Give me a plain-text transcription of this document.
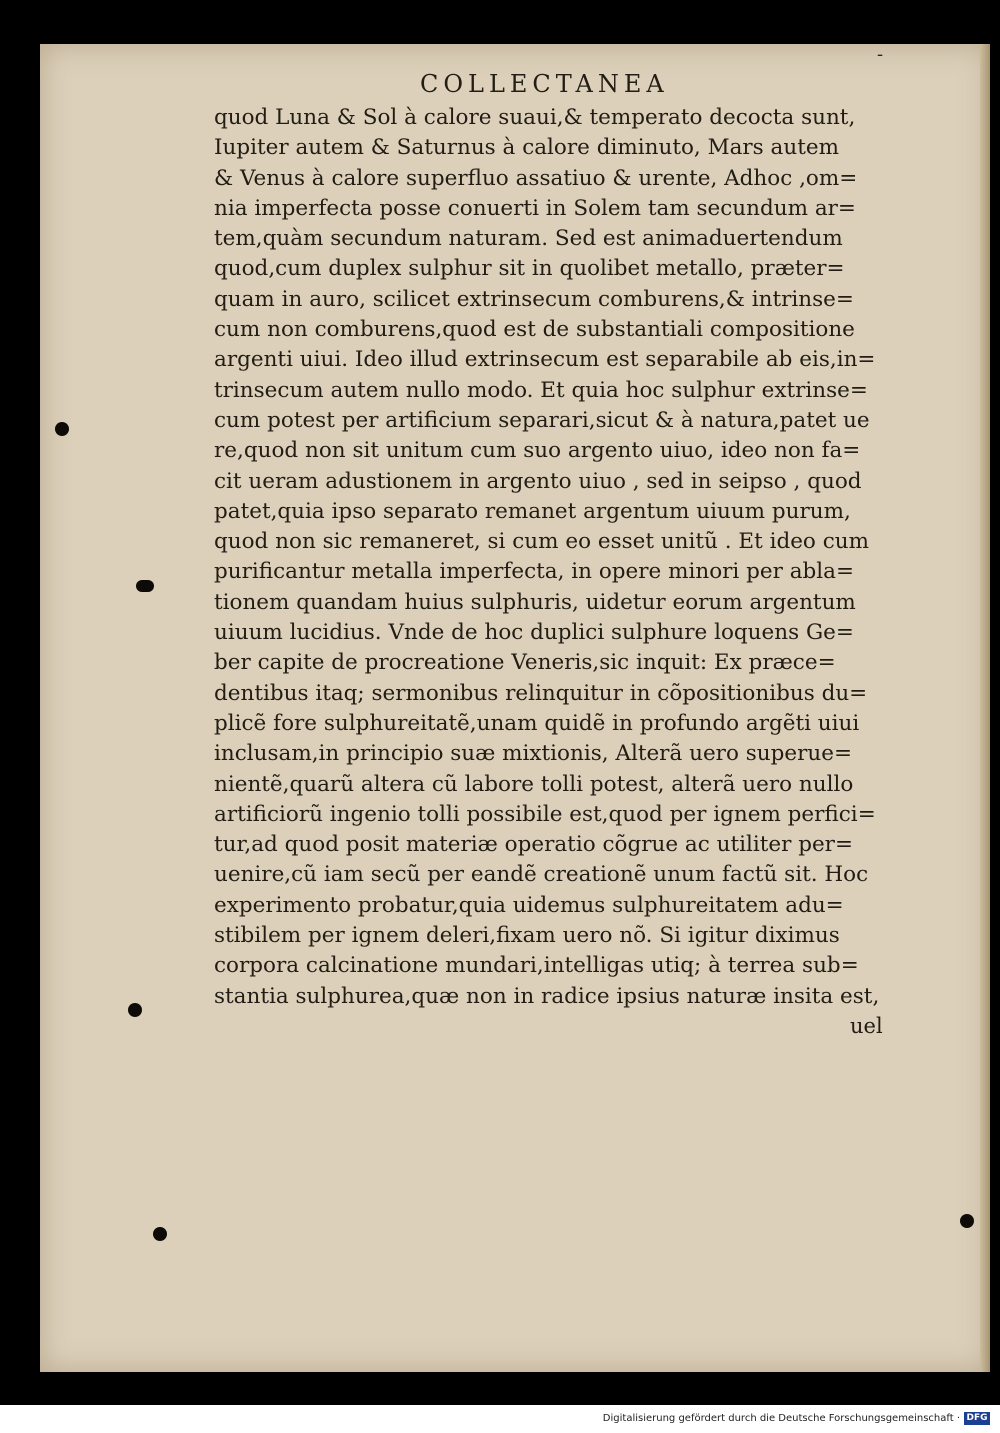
-
COLLECTANEA
quod Luna & Sol à calore suaui,& temperato decocta sunt,
Iupiter autem & Saturnus à calore diminuto, Mars autem
& Venus à calore superfluo assatiuo & urente, Adhoc ,om=
nia imperfecta posse conuerti in Solem tam secundum ar=
tem,quàm secundum naturam. Sed est animaduertendum
quod,cum duplex sulphur sit in quolibet metallo, præter=
quam in auro, scilicet extrinsecum comburens,& intrinse=
cum non comburens,quod est de substantiali compositione
argenti uiui. Ideo illud extrinsecum est separabile ab eis,in=
trinsecum autem nullo modo. Et quia hoc sulphur extrinse=
cum potest per artificium separari,sicut & à natura,patet ue
re,quod non sit unitum cum suo argento uiuo, ideo non fa=
cit ueram adustionem in argento uiuo , sed in seipso , quod
patet,quia ipso separato remanet argentum uiuum purum,
quod non sic remaneret, si cum eo esset unitũ . Et ideo cum
purificantur metalla imperfecta, in opere minori per abla=
tionem quandam huius sulphuris, uidetur eorum argentum
uiuum lucidius. Vnde de hoc duplici sulphure loquens Ge=
ber capite de procreatione Veneris,sic inquit: Ex præce=
dentibus itaq; sermonibus relinquitur in cõpositionibus du=
plicẽ fore sulphureitatẽ,unam quidẽ in profundo argẽti uiui
inclusam,in principio suæ mixtionis, Alterã uero superue=
nientẽ,quarũ altera cũ labore tolli potest, alterã uero nullo
artificiorũ ingenio tolli possibile est,quod per ignem perfici=
tur,ad quod posit materiæ operatio cõgrue ac utiliter per=
uenire,cũ iam secũ per eandẽ creationẽ unum factũ sit. Hoc
experimento probatur,quia uidemus sulphureitatem adu=
stibilem per ignem deleri,fixam uero nõ. Si igitur diximus
corpora calcinatione mundari,intelligas utiq; à terrea sub=
stantia sulphurea,quæ non in radice ipsius naturæ insita est,
uel
Digitalisierung gefördert durch die Deutsche Forschungsgemeinschaft · DFG
